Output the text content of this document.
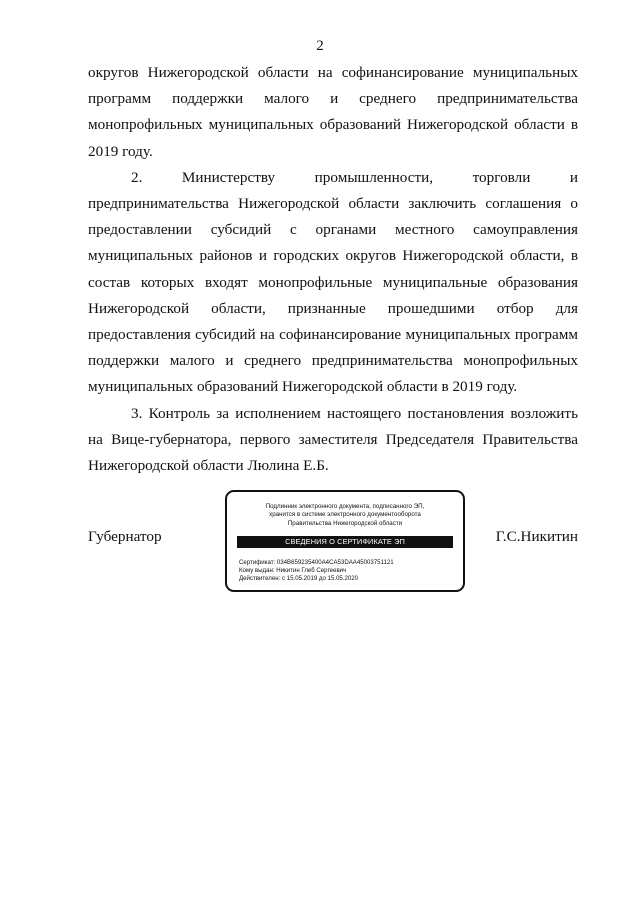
2

округов Нижегородской области на софинансирование муниципальных программ поддержки малого и среднего предпринимательства монопрофильных муниципальных образований Нижегородской области в 2019 году.

2. Министерству промышленности, торговли и предпринимательства Нижегородской области заключить соглашения о предоставлении субсидий с органами местного самоуправления муниципальных районов и городских округов Нижегородской области, в состав которых входят монопрофильные муниципальные образования Нижегородской области, признанные прошедшими отбор для предоставления субсидий на софинансирование муниципальных программ поддержки малого и среднего предпринимательства монопрофильных муниципальных образований Нижегородской области в 2019 году.

3. Контроль за исполнением настоящего постановления возложить на Вице-губернатора, первого заместителя Председателя Правительства Нижегородской области Люлина Е.Б.

Губернатор	Г.С.Никитин
Подлинник электронного документа, подписанного ЭП,
хранится в системе электронного документооборота
Правительства Нижегородской области
СВЕДЕНИЯ О СЕРТИФИКАТЕ ЭП
Сертификат: 034B659235400A4CA53DAA45003751121
Кому выдан: Никитин Глеб Сергеевич
Действителен: с 15.05.2019 до 15.05.2020
